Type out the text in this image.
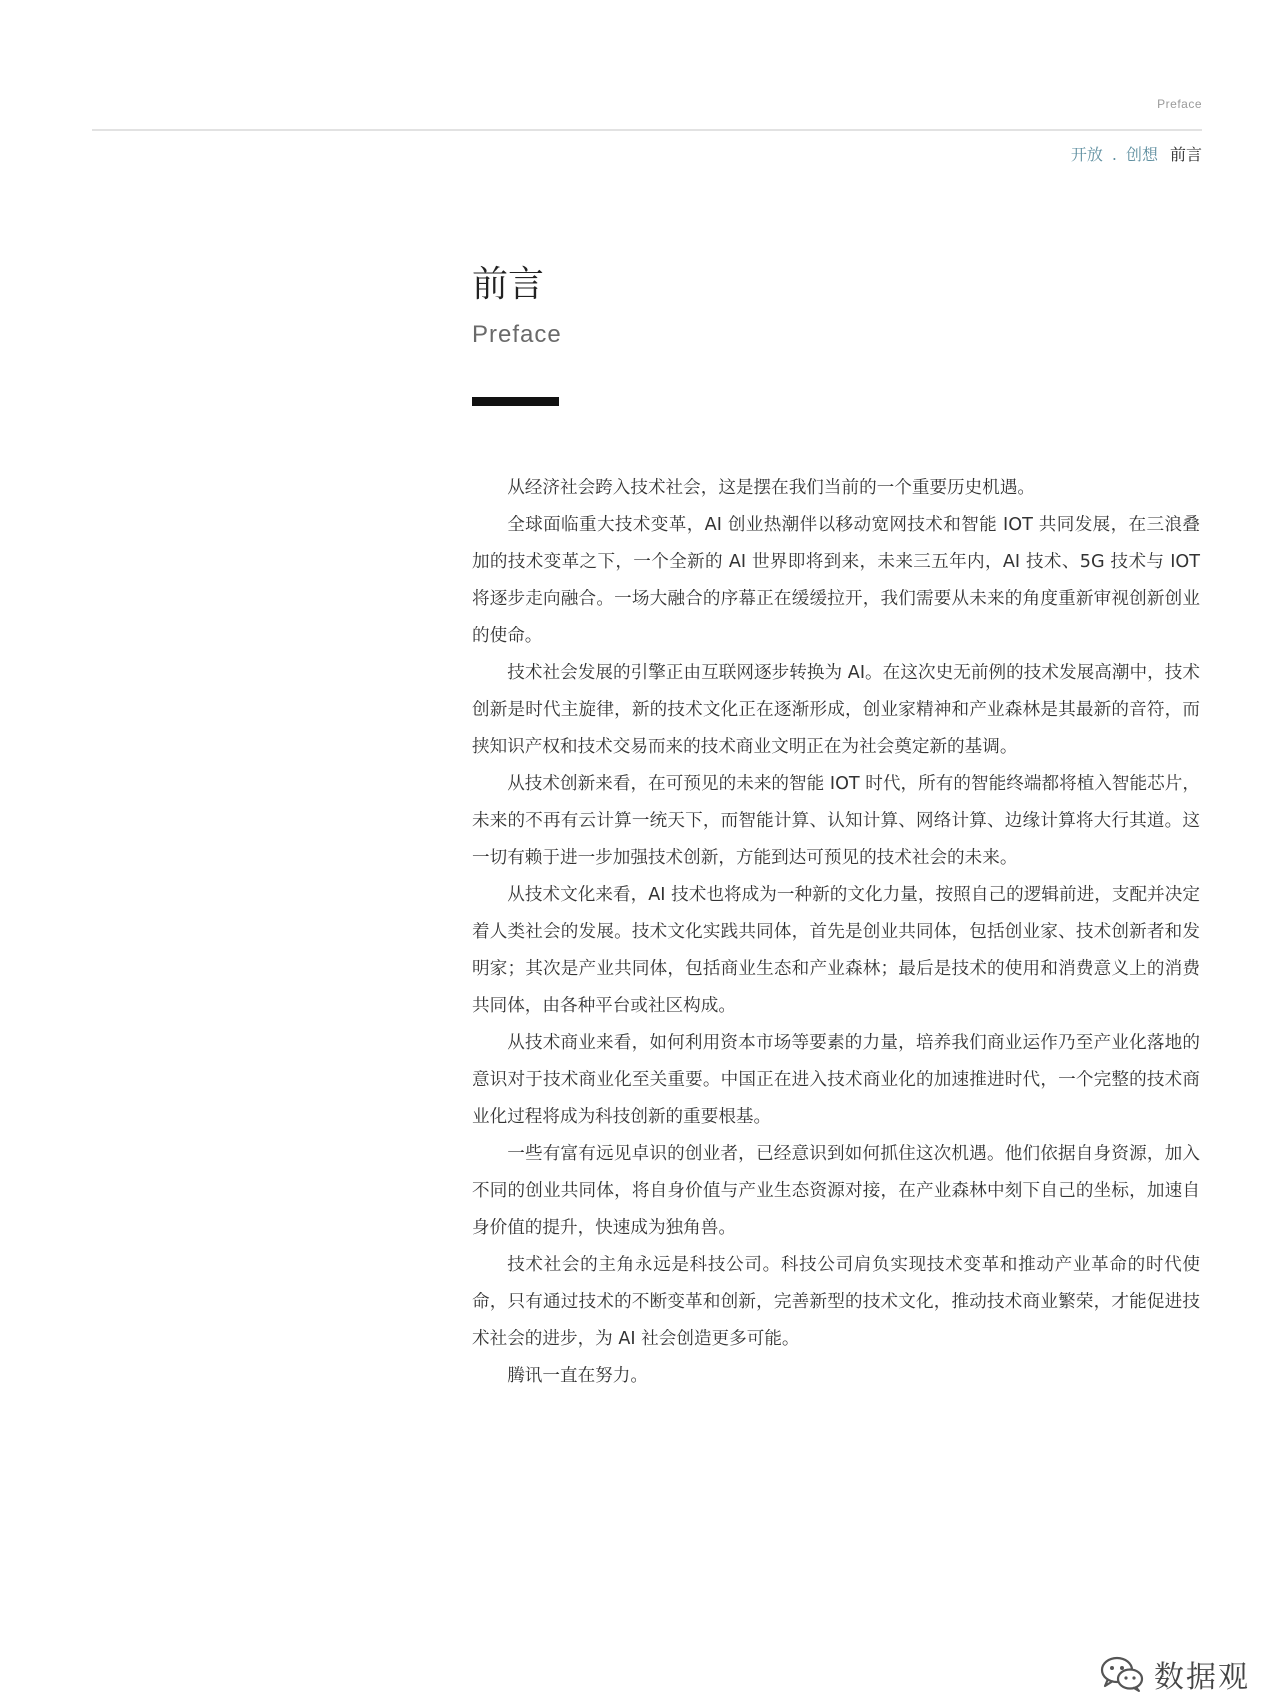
Preface
开放 . 创想 前言
前言
Preface

从经济社会跨入技术社会，这是摆在我们当前的一个重要历史机遇。

全球面临重大技术变革，AI 创业热潮伴以移动宽网技术和智能 IOT 共同发展，在三浪叠加的技术变革之下，一个全新的 AI 世界即将到来，未来三五年内，AI 技术、5G 技术与 IOT 将逐步走向融合。一场大融合的序幕正在缓缓拉开，我们需要从未来的角度重新审视创新创业的使命。

技术社会发展的引擎正由互联网逐步转换为 AI。在这次史无前例的技术发展高潮中，技术创新是时代主旋律，新的技术文化正在逐渐形成，创业家精神和产业森林是其最新的音符，而挟知识产权和技术交易而来的技术商业文明正在为社会奠定新的基调。

从技术创新来看，在可预见的未来的智能 IOT 时代，所有的智能终端都将植入智能芯片，未来的不再有云计算一统天下，而智能计算、认知计算、网络计算、边缘计算将大行其道。这一切有赖于进一步加强技术创新，方能到达可预见的技术社会的未来。

从技术文化来看，AI 技术也将成为一种新的文化力量，按照自己的逻辑前进，支配并决定着人类社会的发展。技术文化实践共同体，首先是创业共同体，包括创业家、技术创新者和发明家；其次是产业共同体，包括商业生态和产业森林；最后是技术的使用和消费意义上的消费共同体，由各种平台或社区构成。

从技术商业来看，如何利用资本市场等要素的力量，培养我们商业运作乃至产业化落地的意识对于技术商业化至关重要。中国正在进入技术商业化的加速推进时代，一个完整的技术商业化过程将成为科技创新的重要根基。

一些有富有远见卓识的创业者，已经意识到如何抓住这次机遇。他们依据自身资源，加入不同的创业共同体，将自身价值与产业生态资源对接，在产业森林中刻下自己的坐标，加速自身价值的提升，快速成为独角兽。

技术社会的主角永远是科技公司。科技公司肩负实现技术变革和推动产业革命的时代使命，只有通过技术的不断变革和创新，完善新型的技术文化，推动技术商业繁荣，才能促进技术社会的进步，为 AI 社会创造更多可能。

腾讯一直在努力。

数据观
